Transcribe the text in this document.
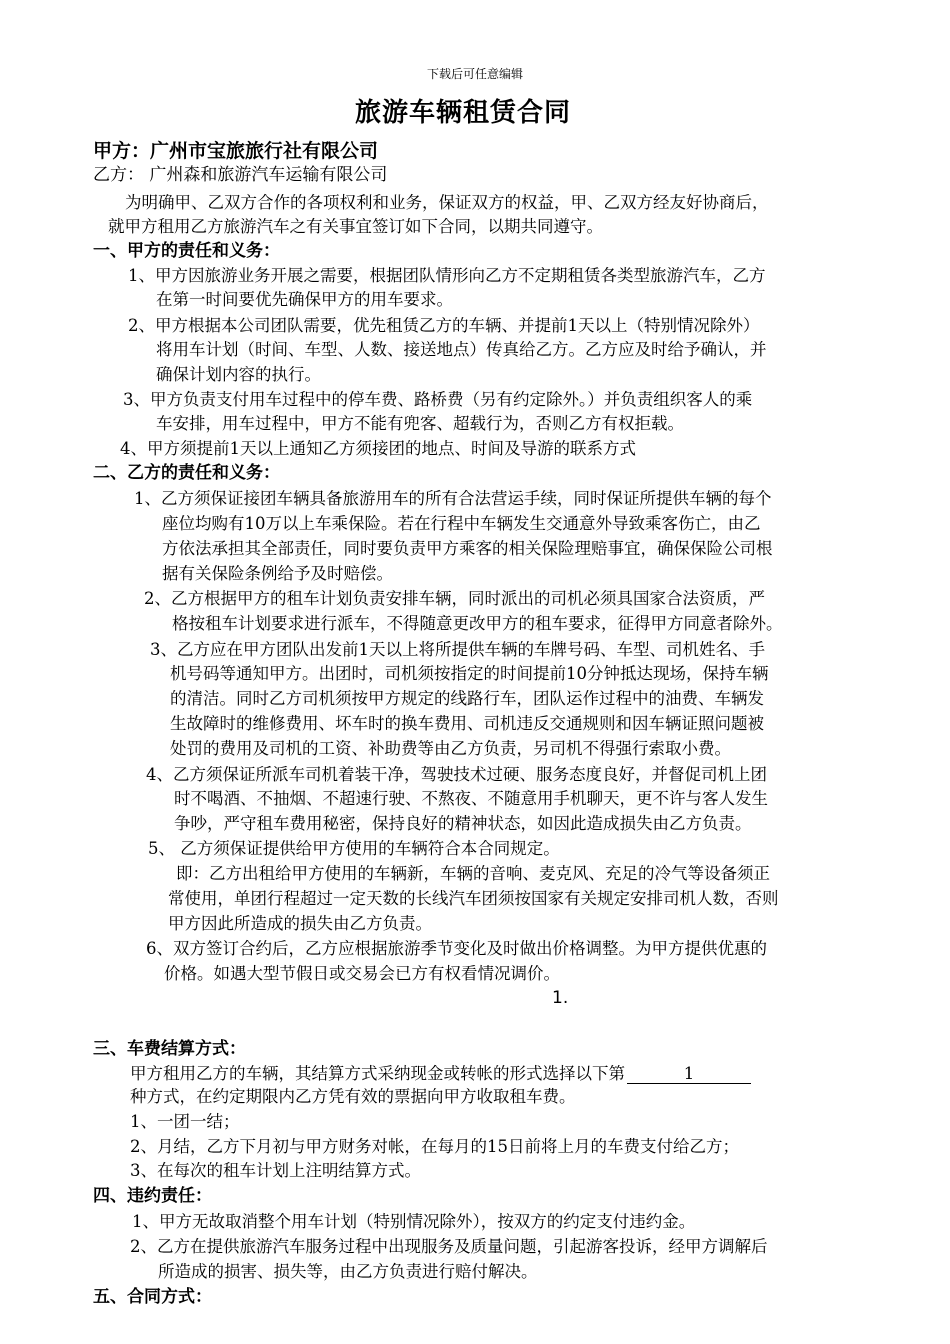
下载后可任意编辑
旅游车辆租赁合同
甲方：广州市宝旅旅行社有限公司
乙方： 广州森和旅游汽车运输有限公司
为明确甲、乙双方合作的各项权利和业务，保证双方的权益，甲、乙双方经友好协商后，
就甲方租用乙方旅游汽车之有关事宜签订如下合同，以期共同遵守。
一、甲方的责任和义务：
1、甲方因旅游业务开展之需要，根据团队情形向乙方不定期租赁各类型旅游汽车，乙方
在第一时间要优先确保甲方的用车要求。
2、甲方根据本公司团队需要，优先租赁乙方的车辆、并提前1天以上（特别情况除外）
将用车计划（时间、车型、人数、接送地点）传真给乙方。乙方应及时给予确认，并
确保计划内容的执行。
3、甲方负责支付用车过程中的停车费、路桥费（另有约定除外。）并负责组织客人的乘
车安排，用车过程中，甲方不能有兜客、超载行为，否则乙方有权拒载。
4、甲方须提前1天以上通知乙方须接团的地点、时间及导游的联系方式
二、乙方的责任和义务：
1、乙方须保证接团车辆具备旅游用车的所有合法营运手续，同时保证所提供车辆的每个
座位均购有10万以上车乘保险。若在行程中车辆发生交通意外导致乘客伤亡，由乙
方依法承担其全部责任，同时要负责甲方乘客的相关保险理赔事宜，确保保险公司根
据有关保险条例给予及时赔偿。
2、乙方根据甲方的租车计划负责安排车辆，同时派出的司机必须具国家合法资质，严
格按租车计划要求进行派车，不得随意更改甲方的租车要求，征得甲方同意者除外。
3、乙方应在甲方团队出发前1天以上将所提供车辆的车牌号码、车型、司机姓名、手
机号码等通知甲方。出团时，司机须按指定的时间提前10分钟抵达现场，保持车辆
的清洁。同时乙方司机须按甲方规定的线路行车，团队运作过程中的油费、车辆发
生故障时的维修费用、坏车时的换车费用、司机违反交通规则和因车辆证照问题被
处罚的费用及司机的工资、补助费等由乙方负责，另司机不得强行索取小费。
4、乙方须保证所派车司机着装干净，驾驶技术过硬、服务态度良好，并督促司机上团
时不喝酒、不抽烟、不超速行驶、不熬夜、不随意用手机聊天，更不许与客人发生
争吵，严守租车费用秘密，保持良好的精神状态，如因此造成损失由乙方负责。
5、 乙方须保证提供给甲方使用的车辆符合本合同规定。
即：乙方出租给甲方使用的车辆新，车辆的音响、麦克风、充足的冷气等设备须正
常使用，单团行程超过一定天数的长线汽车团须按国家有关规定安排司机人数，否则
甲方因此所造成的损失由乙方负责。
6、双方签订合约后，乙方应根据旅游季节变化及时做出价格调整。为甲方提供优惠的
价格。如遇大型节假日或交易会已方有权看情况调价。
1.
三、车费结算方式：
甲方租用乙方的车辆，其结算方式采纳现金或转帐的形式选择以下第	1
种方式，在约定期限内乙方凭有效的票据向甲方收取租车费。
1、一团一结；
2、月结，乙方下月初与甲方财务对帐，在每月的15日前将上月的车费支付给乙方；
3、在每次的租车计划上注明结算方式。
四、违约责任：
1、甲方无故取消整个用车计划（特别情况除外），按双方的约定支付违约金。
2、乙方在提供旅游汽车服务过程中出现服务及质量问题，引起游客投诉，经甲方调解后
所造成的损害、损失等，由乙方负责进行赔付解决。
五、合同方式：
